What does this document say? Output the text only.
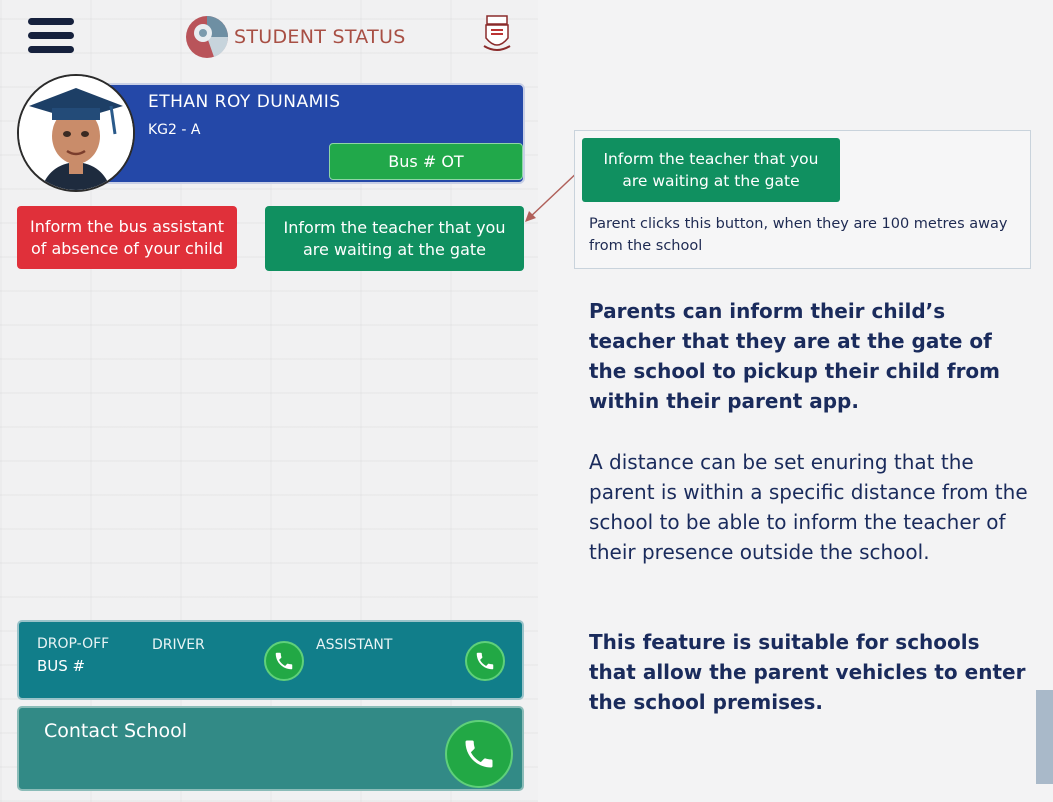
STUDENT STATUS
ETHAN ROY DUNAMIS
KG2 - A
Bus # OT
Inform the bus assistant
of absence of your child
Inform the teacher that you
are waiting at the gate
DROP-OFF
BUS #
DRIVER	ASSISTANT
Contact School
Inform the teacher that you
are waiting at the gate
Parent clicks this button, when they are 100 metres away from the school
Parents can inform their child’s teacher that they are at the gate of the school to pickup their child from within their parent app.
A distance can be set enuring that the parent is within a specific distance from the school to be able to inform the teacher of their presence outside the school.
This feature is suitable for schools that allow the parent vehicles to enter the school premises.
